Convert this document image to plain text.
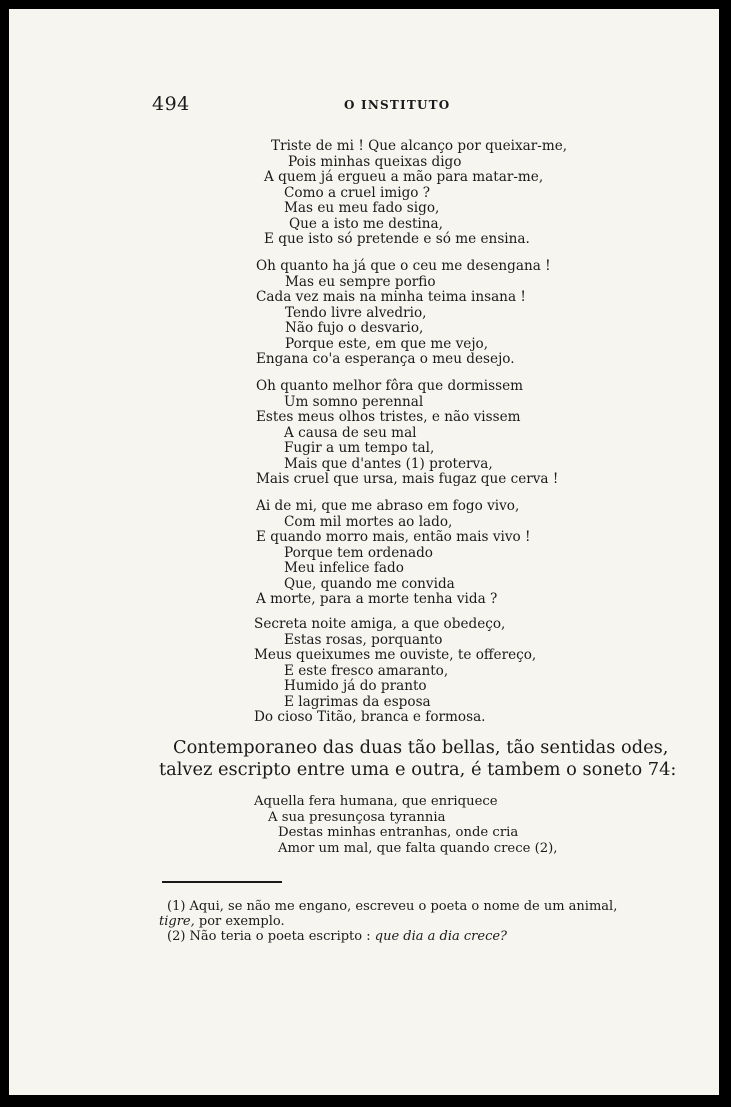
494	O INSTITUTO
Triste de mi ! Que alcanço por queixar-me,
Pois minhas queixas digo
A quem já ergueu a mão para matar-me,
Como a cruel imigo ?
Mas eu meu fado sigo,
Que a isto me destina,
E que isto só pretende e só me ensina.
Oh quanto ha já que o ceu me desengana !
Mas eu sempre porfio
Cada vez mais na minha teima insana !
Tendo livre alvedrio,
Não fujo o desvario,
Porque este, em que me vejo,
Engana co'a esperança o meu desejo.
Oh quanto melhor fôra que dormissem
Um somno perennal
Estes meus olhos tristes, e não vissem
A causa de seu mal
Fugir a um tempo tal,
Mais que d'antes (1) proterva,
Mais cruel que ursa, mais fugaz que cerva !
Ai de mi, que me abraso em fogo vivo,
Com mil mortes ao lado,
E quando morro mais, então mais vivo !
Porque tem ordenado
Meu infelice fado
Que, quando me convida
A morte, para a morte tenha vida ?
Secreta noite amiga, a que obedeço,
Estas rosas, porquanto
Meus queixumes me ouviste, te offereço,
E este fresco amaranto,
Humido já do pranto
E lagrimas da esposa
Do cioso Titão, branca e formosa.
Contemporaneo das duas tão bellas, tão sentidas odes,
talvez escripto entre uma e outra, é tambem o soneto 74:
Aquella fera humana, que enriquece
A sua presunçosa tyrannia
Destas minhas entranhas, onde cria
Amor um mal, que falta quando crece (2),
(1) Aqui, se não me engano, escreveu o poeta o nome de um animal,
tigre, por exemplo.
(2) Não teria o poeta escripto : que dia a dia crece?
